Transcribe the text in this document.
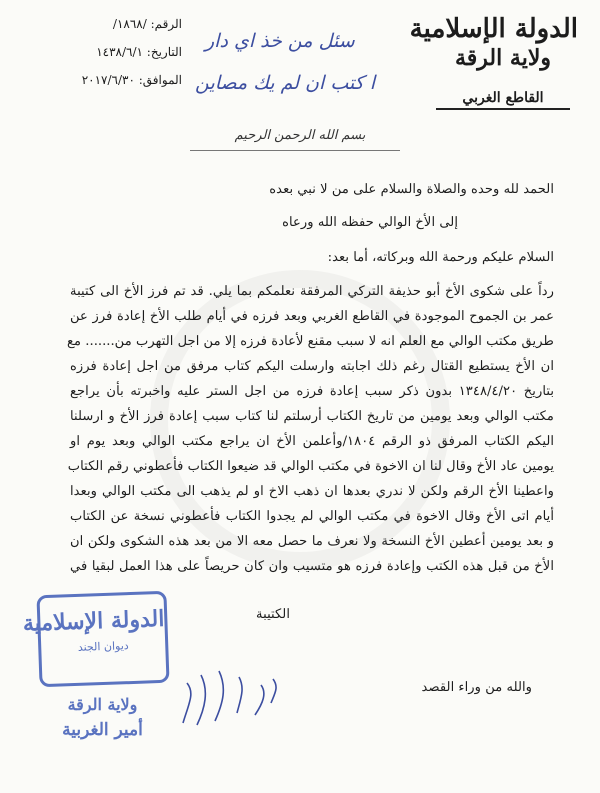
الرقم: /١٨٦٨/
التاريخ: ١٤٣٨/٦/١
الموافق: ٢٠١٧/٦/٣٠
سئل من خذ اي دار
ا كتب ان لم يك مصاين
الدولة الإسلامية
ولاية الرقة
القاطع الغربي
بسم الله الرحمن الرحيم
الحمد لله وحده والصلاة والسلام على من لا نبي بعده
إلى الأخ الوالي حفظه الله ورعاه
السلام عليكم ورحمة الله وبركاته، أما بعد:
رداً على شكوى الأخ أبو حذيفة التركي المرفقة نعلمكم بما يلي. قد تم فرز الأخ الى كتيبة
عمر بن الجموح الموجودة في القاطع الغربي وبعد فرزه في أيام طلب الأخ إعادة فرز عن
طريق مكتب الوالي مع العلم انه لا سبب مقنع لأعادة فرزه إلا من اجل التهرب من....... مع
ان الأخ يستطيع القتال رغم ذلك اجابته وارسلت اليكم كتاب مرفق من اجل إعادة فرزه
بتاريخ ١٣٤٨/٤/٢٠ بدون ذكر سبب إعادة فرزه من اجل الستر عليه واخبرته بأن يراجع
مكتب الوالي وبعد يومين من تاريخ الكتاب أرسلتم لنا كتاب سبب إعادة فرز الأخ و ارسلنا
اليكم الكتاب المرفق ذو الرقم ١٨٠٤/وأعلمن الأخ ان يراجع مكتب الوالي وبعد يوم او
يومين عاد الأخ وقال لنا ان الاخوة في مكتب الوالي قد ضيعوا الكتاب فأعطوني رقم الكتاب
واعطينا الأخ الرقم ولكن لا ندري بعدها ان ذهب الاخ او لم يذهب الى مكتب الوالي وبعدا
أيام اتى الأخ وقال الاخوة في مكتب الوالي لم يجدوا الكتاب فأعطوني نسخة عن الكتاب
و بعد يومين أعطين الأخ النسخة ولا نعرف ما حصل معه الا من بعد هذه الشكوى ولكن ان
الأخ من قبل هذه الكتب وإعادة فرزه هو متسيب وان كان حريصاً على هذا العمل لبقيا في
الكتيبة
والله من وراء القصد
الدولة الإسلامية
ديوان الجند
ولاية الرقة
أمير الغربية
